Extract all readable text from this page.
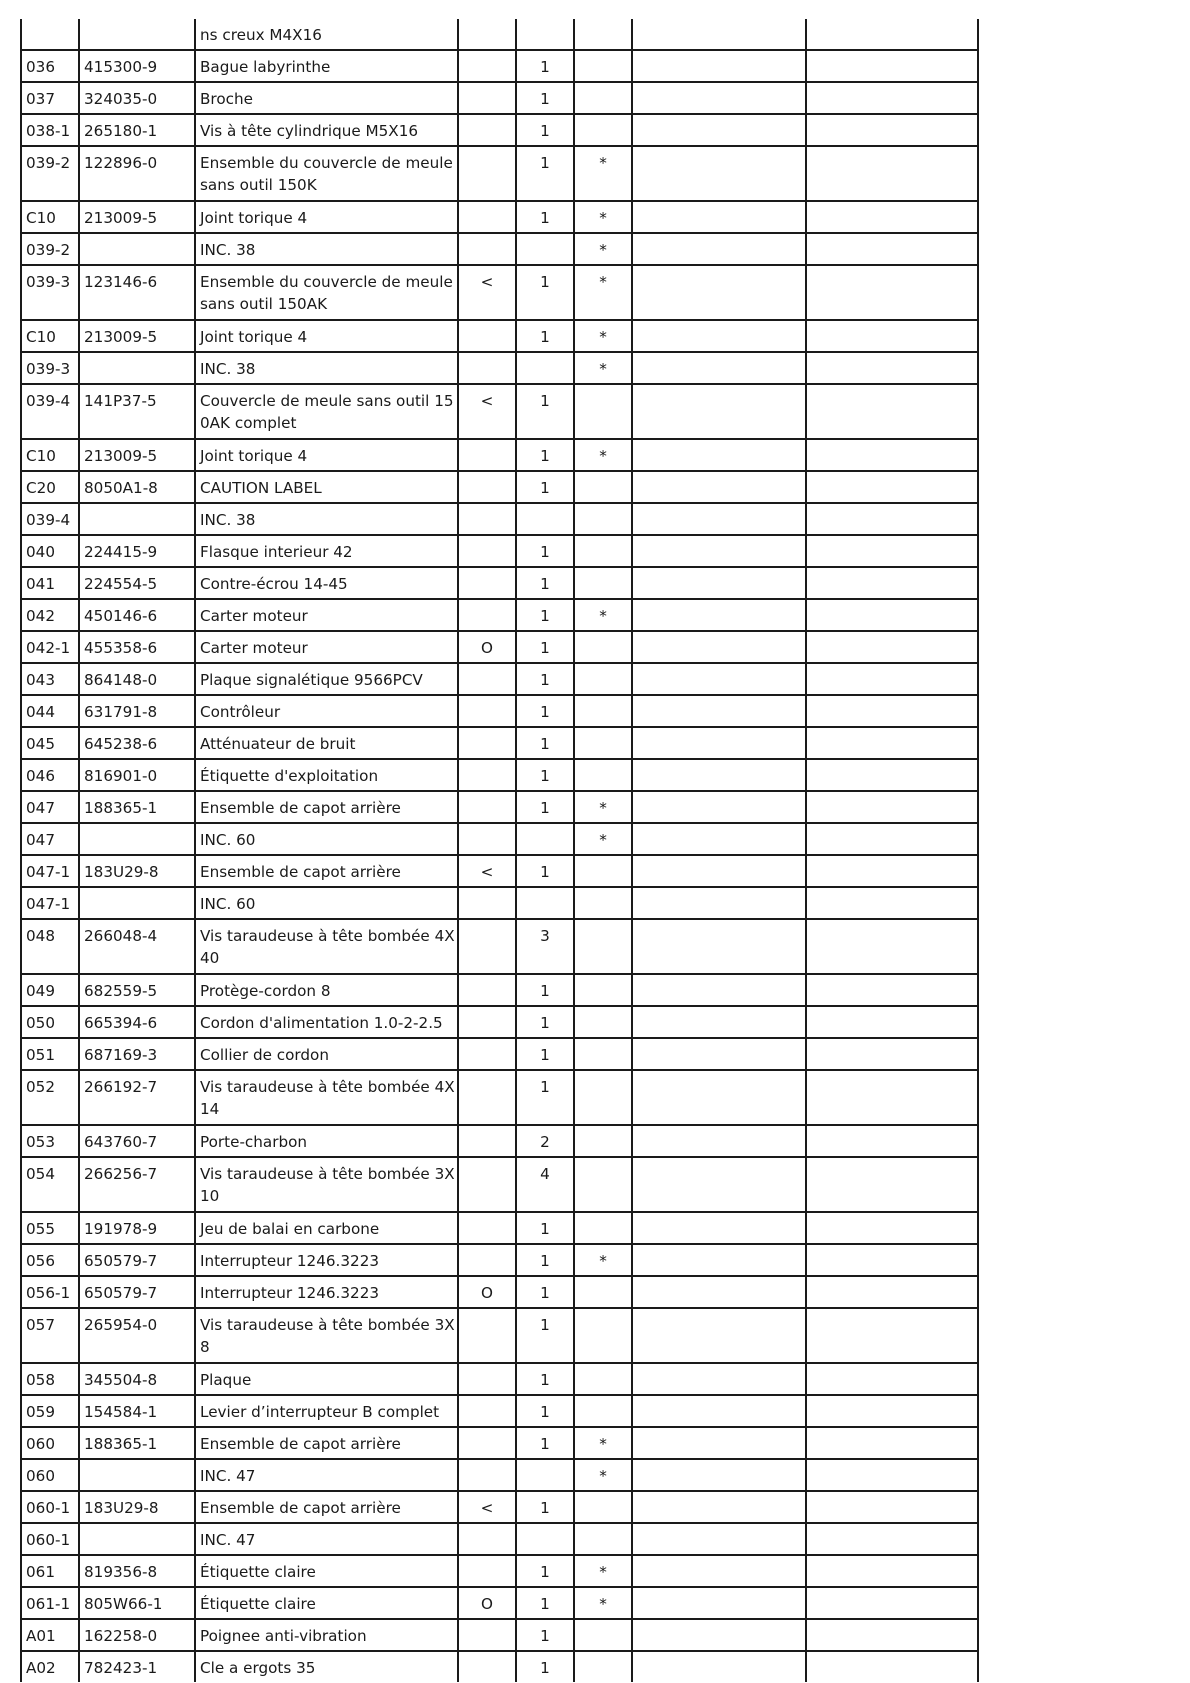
		ns creux M4X16					
036	415300-9	Bague labyrinthe		1			
037	324035-0	Broche		1			
038-1	265180-1	Vis à tête cylindrique M5X16		1			
039-2	122896-0	Ensemble du couvercle de meule sans outil 150K		1	*		
C10	213009-5	Joint torique 4		1	*		
039-2		INC. 38			*		
039-3	123146-6	Ensemble du couvercle de meule sans outil 150AK	<	1	*		
C10	213009-5	Joint torique 4		1	*		
039-3		INC. 38			*		
039-4	141P37-5	Couvercle de meule sans outil 15 0AK complet	<	1			
C10	213009-5	Joint torique 4		1	*		
C20	8050A1-8	CAUTION LABEL		1			
039-4		INC. 38					
040	224415-9	Flasque interieur 42		1			
041	224554-5	Contre-écrou 14-45		1			
042	450146-6	Carter moteur		1	*		
042-1	455358-6	Carter moteur	O	1			
043	864148-0	Plaque signalétique 9566PCV		1			
044	631791-8	Contrôleur		1			
045	645238-6	Atténuateur de bruit		1			
046	816901-0	Étiquette d'exploitation		1			
047	188365-1	Ensemble de capot arrière		1	*		
047		INC. 60			*		
047-1	183U29-8	Ensemble de capot arrière	<	1			
047-1		INC. 60					
048	266048-4	Vis taraudeuse à tête bombée 4X 40		3			
049	682559-5	Protège-cordon 8		1			
050	665394-6	Cordon d'alimentation 1.0-2-2.5		1			
051	687169-3	Collier de cordon		1			
052	266192-7	Vis taraudeuse à tête bombée 4X 14		1			
053	643760-7	Porte-charbon		2			
054	266256-7	Vis taraudeuse à tête bombée 3X 10		4			
055	191978-9	Jeu de balai en carbone		1			
056	650579-7	Interrupteur 1246.3223		1	*		
056-1	650579-7	Interrupteur 1246.3223	O	1			
057	265954-0	Vis taraudeuse à tête bombée 3X 8		1			
058	345504-8	Plaque		1			
059	154584-1	Levier d’interrupteur B complet		1			
060	188365-1	Ensemble de capot arrière		1	*		
060		INC. 47			*		
060-1	183U29-8	Ensemble de capot arrière	<	1			
060-1		INC. 47					
061	819356-8	Étiquette claire		1	*		
061-1	805W66-1	Étiquette claire	O	1	*		
A01	162258-0	Poignee anti-vibration		1			
A02	782423-1	Cle a ergots 35		1			
